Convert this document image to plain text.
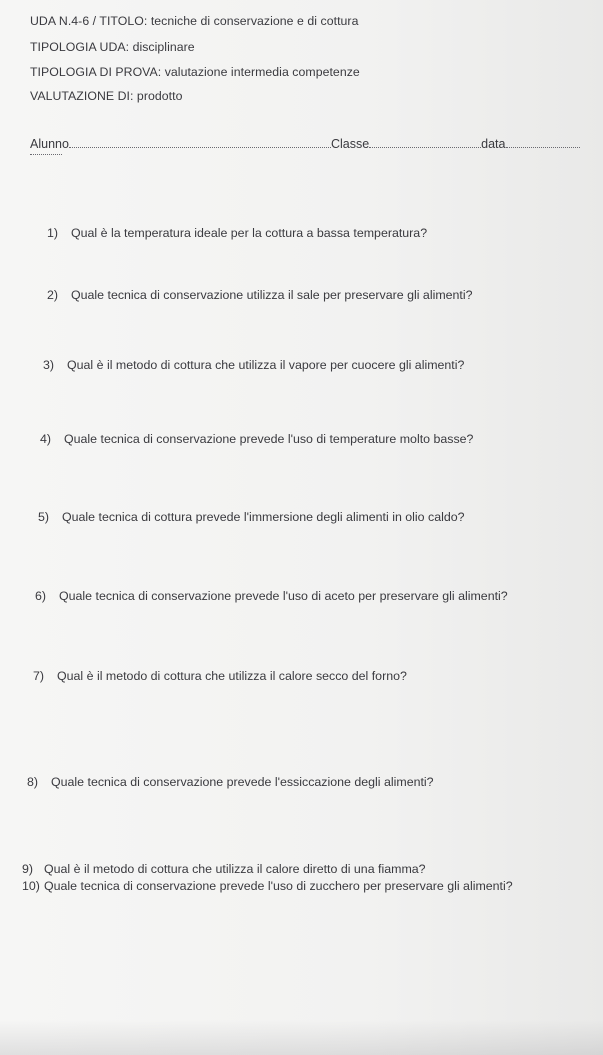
UDA N.4-6 / TITOLO: tecniche di conservazione e di cottura
TIPOLOGIA UDA: disciplinare
TIPOLOGIA DI PROVA: valutazione intermedia competenze
VALUTAZIONE DI: prodotto
Alunno	Classe	data
1) Qual è la temperatura ideale per la cottura a bassa temperatura?
2) Quale tecnica di conservazione utilizza il sale per preservare gli alimenti?
3) Qual è il metodo di cottura che utilizza il vapore per cuocere gli alimenti?
4) Quale tecnica di conservazione prevede l'uso di temperature molto basse?
5) Quale tecnica di cottura prevede l'immersione degli alimenti in olio caldo?
6) Quale tecnica di conservazione prevede l'uso di aceto per preservare gli alimenti?
7) Qual è il metodo di cottura che utilizza il calore secco del forno?
8) Quale tecnica di conservazione prevede l'essiccazione degli alimenti?
9) Qual è il metodo di cottura che utilizza il calore diretto di una fiamma?
10) Quale tecnica di conservazione prevede l'uso di zucchero per preservare gli alimenti?
